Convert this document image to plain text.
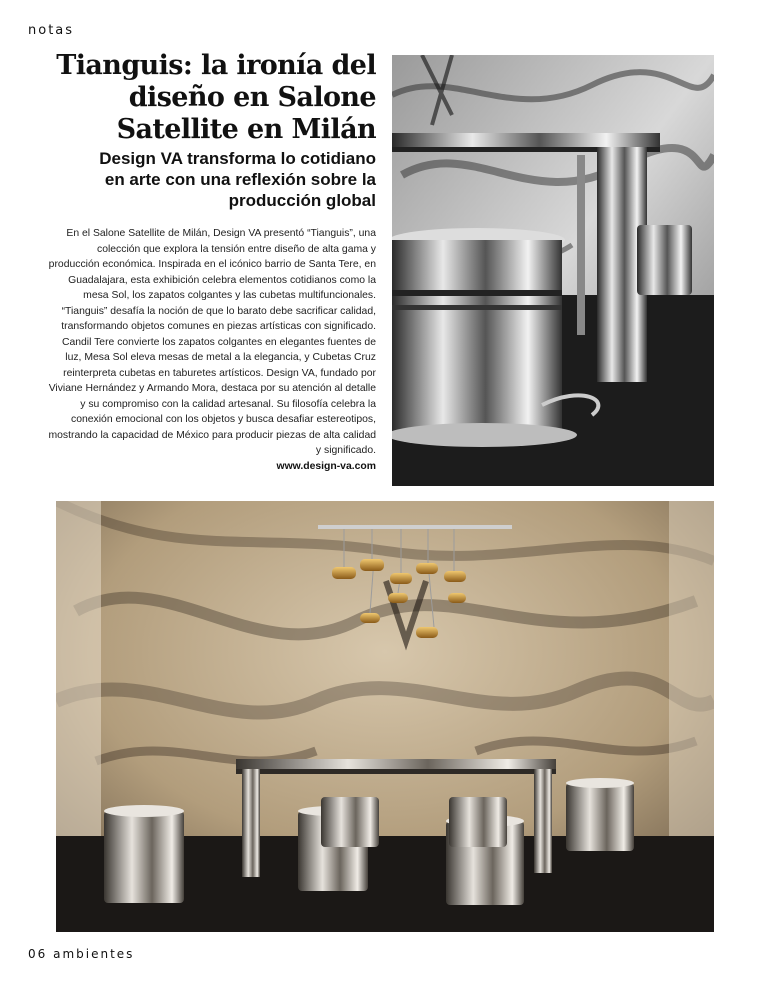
notas
Tianguis: la ironía del diseño en Salone Satellite en Milán
Design VA transforma lo cotidiano en arte con una reflexión sobre la producción global

En el Salone Satellite de Milán, Design VA presentó “Tianguis”, una colección que explora la tensión entre diseño de alta gama y producción económica. Inspirada en el icónico barrio de Santa Tere, en Guadalajara, esta exhibición celebra elementos cotidianos como la mesa Sol, los zapatos colgantes y las cubetas multifuncionales. “Tianguis” desafía la noción de que lo barato debe sacrificar calidad, transformando objetos comunes en piezas artísticas con significado.

Candil Tere convierte los zapatos colgantes en elegantes fuentes de luz, Mesa Sol eleva mesas de metal a la elegancia, y Cubetas Cruz reinterpreta cubetas en taburetes artísticos. Design VA, fundado por Viviane Hernández y Armando Mora, destaca por su atención al detalle y su compromiso con la calidad artesanal. Su filosofía celebra la conexión emocional con los objetos y busca desafiar estereotipos, mostrando la capacidad de México para producir piezas de alta calidad y significado.

www.design-va.com
06 ambientes
